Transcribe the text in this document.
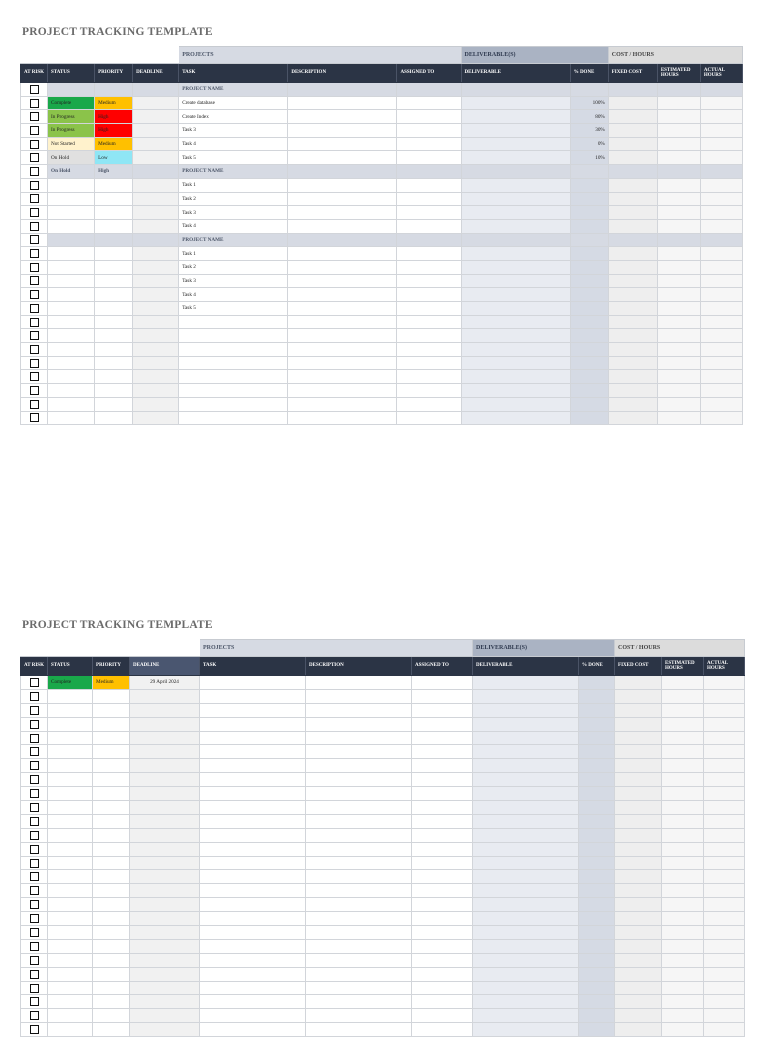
PROJECT TRACKING TEMPLATE
				PROJECTS			DELIVERABLE(S)		COST / HOURS		
AT RISK	STATUS	PRIORITY	DEADLINE	TASK	DESCRIPTION	ASSIGNED TO	DELIVERABLE	% DONE	FIXED COST	ESTIMATED HOURS	ACTUAL HOURS
				PROJECT NAME							
	Complete	Medium		Create database				100%			
	In Progress	High		Create Index				80%			
	In Progress	High		Task 3				30%			
	Not Started	Medium		Task 4				0%			
	On Hold	Low		Task 5				10%			
	On Hold	High		PROJECT NAME							
				Task 1							
				Task 2							
				Task 3							
				Task 4							
				PROJECT NAME							
				Task 1							
				Task 2							
				Task 3							
				Task 4							
				Task 5							

PROJECT TRACKING TEMPLATE
				PROJECTS			DELIVERABLE(S)		COST / HOURS		
AT RISK	STATUS	PRIORITY	DEADLINE	TASK	DESCRIPTION	ASSIGNED TO	DELIVERABLE	% DONE	FIXED COST	ESTIMATED HOURS	ACTUAL HOURS
	Complete	Medium	29 April 2024								
